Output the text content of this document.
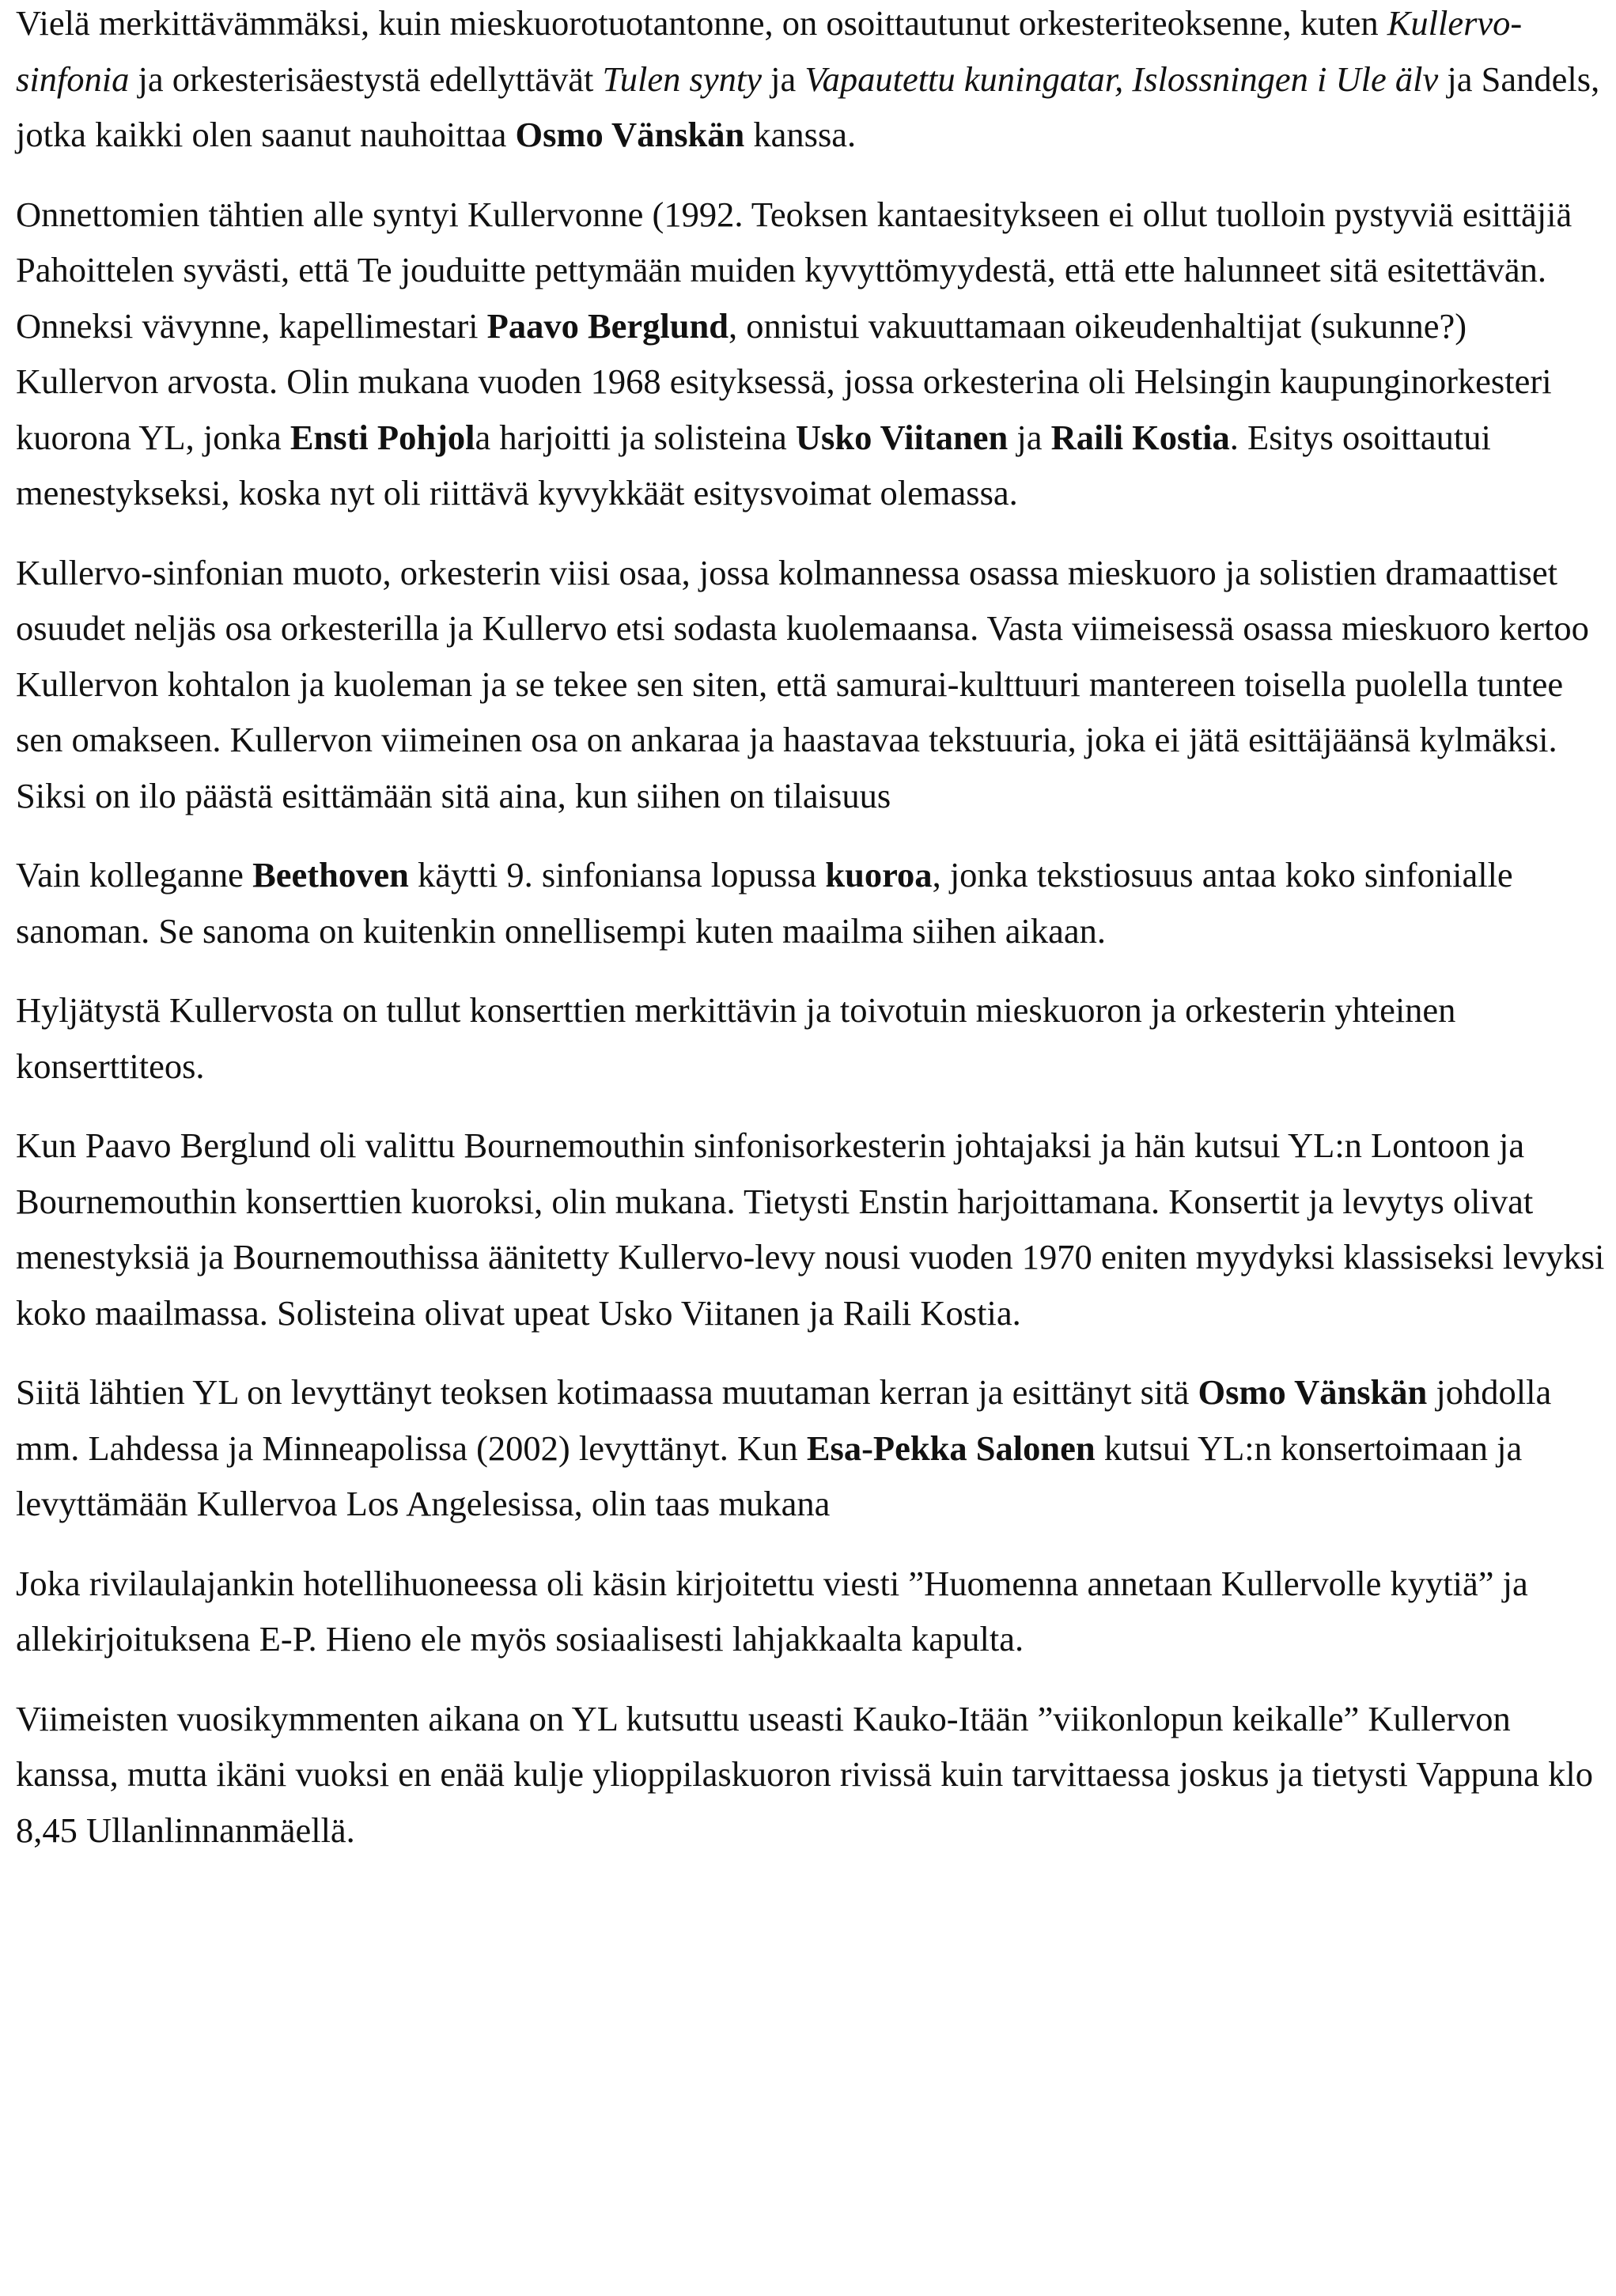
Vielä merkittävämmäksi, kuin mieskuorotuotantonne, on osoittautunut orkesteriteoksenne, kuten Kullervo-sinfonia ja orkesterisäestystä edellyttävät Tulen synty ja Vapautettu kuningatar, Islossningen i Ule älv ja Sandels, jotka kaikki olen saanut nauhoittaa Osmo Vänskän kanssa.

Onnettomien tähtien alle syntyi Kullervonne (1992. Teoksen kantaesitykseen ei ollut tuolloin pystyviä esittäjiä Pahoittelen syvästi, että Te jouduitte pettymään muiden kyvyttömyydestä, että ette halunneet sitä esitettävän. Onneksi vävynne, kapellimestari Paavo Berglund, onnistui vakuuttamaan oikeudenhaltijat (sukunne?) Kullervon arvosta. Olin mukana vuoden 1968 esityksessä, jossa orkesterina oli Helsingin kaupunginorkesteri kuorona YL, jonka Ensti Pohjola harjoitti ja solisteina Usko Viitanen ja Raili Kostia. Esitys osoittautui menestykseksi, koska nyt oli riittävä kyvykkäät esitysvoimat olemassa.

Kullervo-sinfonian muoto, orkesterin viisi osaa, jossa kolmannessa osassa mieskuoro ja solistien dramaattiset osuudet neljäs osa orkesterilla ja Kullervo etsi sodasta kuolemaansa. Vasta viimeisessä osassa mieskuoro kertoo Kullervon kohtalon ja kuoleman ja se tekee sen siten, että samurai-kulttuuri mantereen toisella puolella tuntee sen omakseen. Kullervon viimeinen osa on ankaraa ja haastavaa tekstuuria, joka ei jätä esittäjäänsä kylmäksi. Siksi on ilo päästä esittämään sitä aina, kun siihen on tilaisuus

Vain kolleganne Beethoven käytti 9. sinfoniansa lopussa kuoroa, jonka tekstiosuus antaa koko sinfonialle sanoman. Se sanoma on kuitenkin onnellisempi kuten maailma siihen aikaan.

Hyljätystä Kullervosta on tullut konserttien merkittävin ja toivotuin mieskuoron ja orkesterin yhteinen konserttiteos.

Kun Paavo Berglund oli valittu Bournemouthin sinfonisorkesterin johtajaksi ja hän kutsui YL:n Lontoon ja Bournemouthin konserttien kuoroksi, olin mukana. Tietysti Enstin harjoittamana. Konsertit ja levytys olivat menestyksiä ja Bournemouthissa äänitetty Kullervo-levy nousi vuoden 1970 eniten myydyksi klassiseksi levyksi koko maailmassa. Solisteina olivat upeat Usko Viitanen ja Raili Kostia.

Siitä lähtien YL on levyttänyt teoksen kotimaassa muutaman kerran ja esittänyt sitä Osmo Vänskän johdolla mm. Lahdessa ja Minneapolissa (2002) levyttänyt. Kun Esa-Pekka Salonen kutsui YL:n konsertoimaan ja levyttämään Kullervoa Los Angelesissa, olin taas mukana

Joka rivilaulajankin hotellihuoneessa oli käsin kirjoitettu viesti ”Huomenna annetaan Kullervolle kyytiä” ja allekirjoituksena E-P. Hieno ele myös sosiaalisesti lahjakkaalta kapulta.

Viimeisten vuosikymmenten aikana on YL kutsuttu useasti Kauko-Itään ”viikonlopun keikalle” Kullervon kanssa, mutta ikäni vuoksi en enää kulje ylioppilaskuoron rivissä kuin tarvittaessa joskus ja tietysti Vappuna klo 8,45 Ullanlinnanmäellä.
